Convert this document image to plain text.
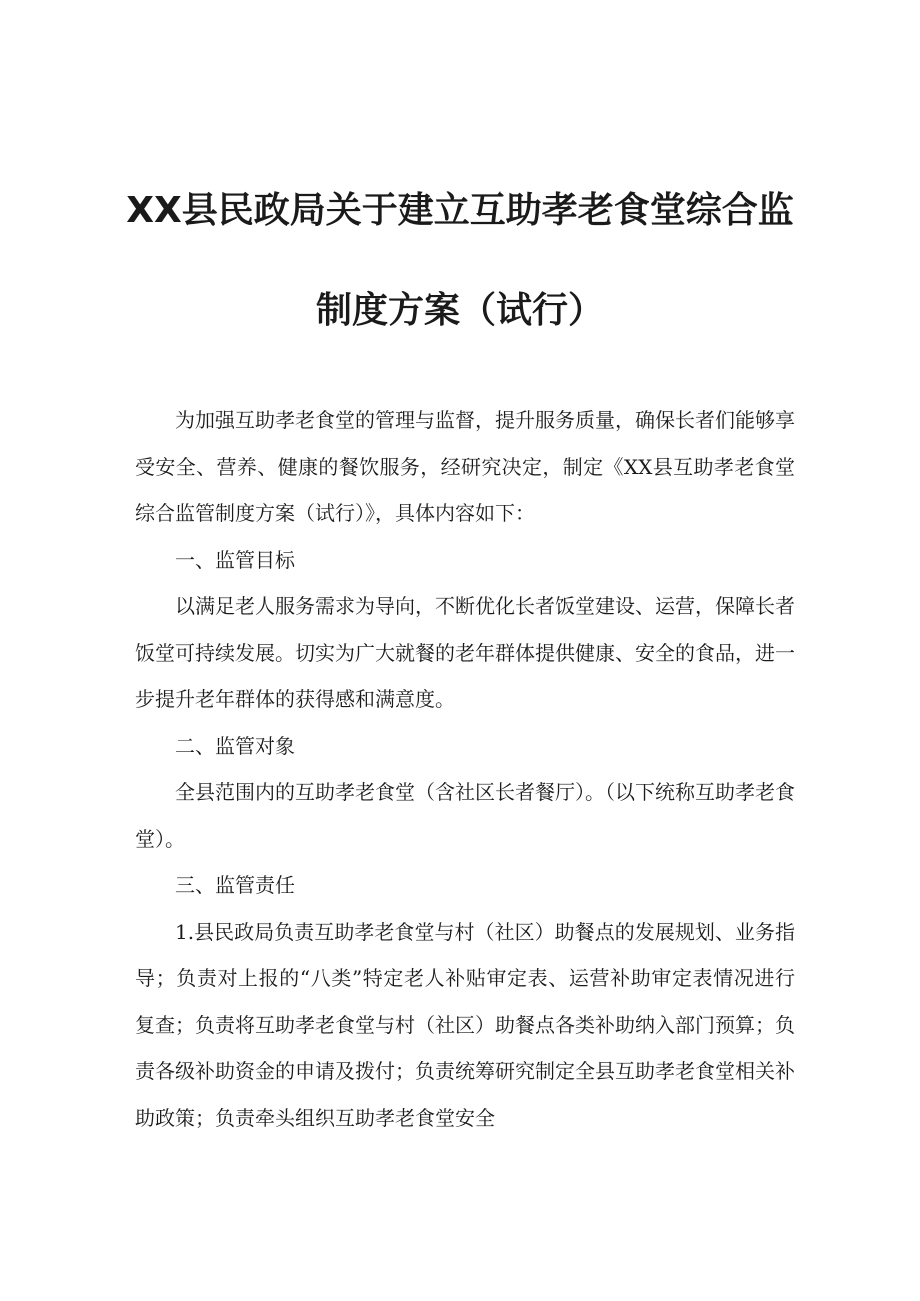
XX县民政局关于建立互助孝老食堂综合监
制度方案（试行）

为加强互助孝老食堂的管理与监督，提升服务质量，确保长者们能够享受安全、营养、健康的餐饮服务，经研究决定，制定《XX县互助孝老食堂综合监管制度方案（试行）》，具体内容如下：

一、监管目标

以满足老人服务需求为导向，不断优化长者饭堂建设、运营，保障长者饭堂可持续发展。切实为广大就餐的老年群体提供健康、安全的食品，进一步提升老年群体的获得感和满意度。

二、监管对象

全县范围内的互助孝老食堂（含社区长者餐厅）。（以下统称互助孝老食堂）。

三、监管责任

1.县民政局负责互助孝老食堂与村（社区）助餐点的发展规划、业务指导；负责对上报的“八类”特定老人补贴审定表、运营补助审定表情况进行复查；负责将互助孝老食堂与村（社区）助餐点各类补助纳入部门预算；负责各级补助资金的申请及拨付；负责统筹研究制定全县互助孝老食堂相关补助政策；负责牵头组织互助孝老食堂安全
